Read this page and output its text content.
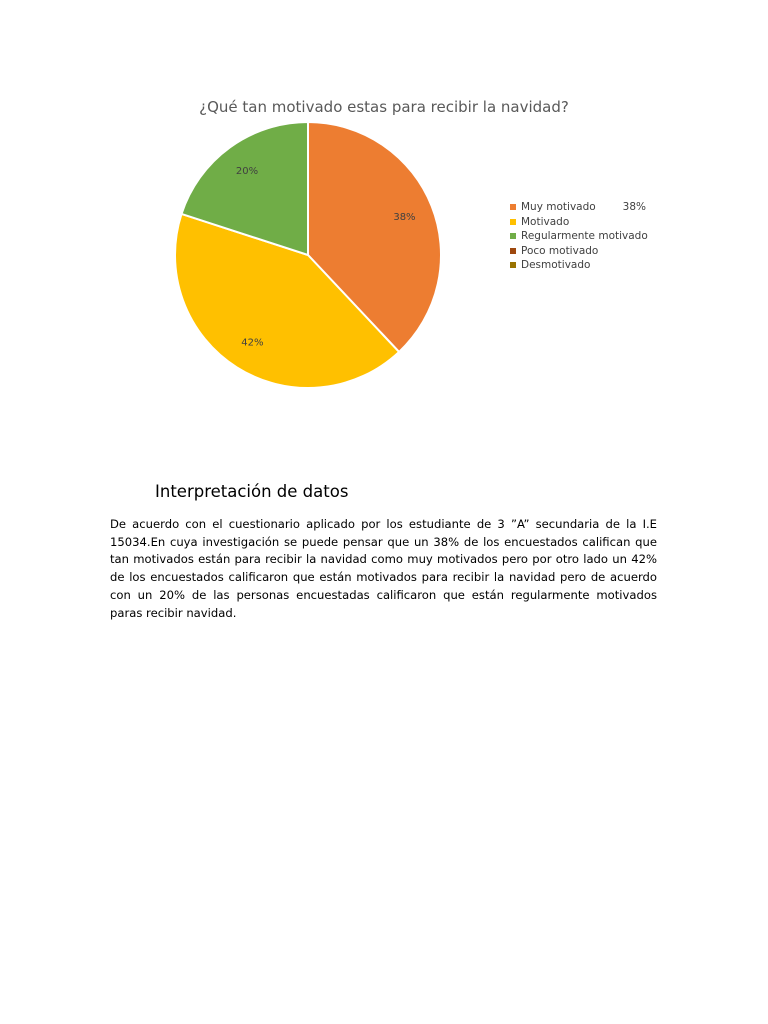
¿Qué tan motivado estas para recibir la navidad?
38%
42%
20%
Muy motivado	38%
Motivado
Regularmente motivado
Poco motivado
Desmotivado
Interpretación de datos
De acuerdo con el cuestionario aplicado por los estudiante de 3 ”A” secundaria de la I.E 15034.En cuya investigación se puede pensar que un 38% de los encuestados califican que tan motivados están para recibir la navidad como muy motivados pero por otro lado un 42% de los encuestados calificaron que están motivados para recibir la navidad pero de acuerdo con un 20% de las personas encuestadas calificaron que están regularmente motivados paras recibir navidad.
